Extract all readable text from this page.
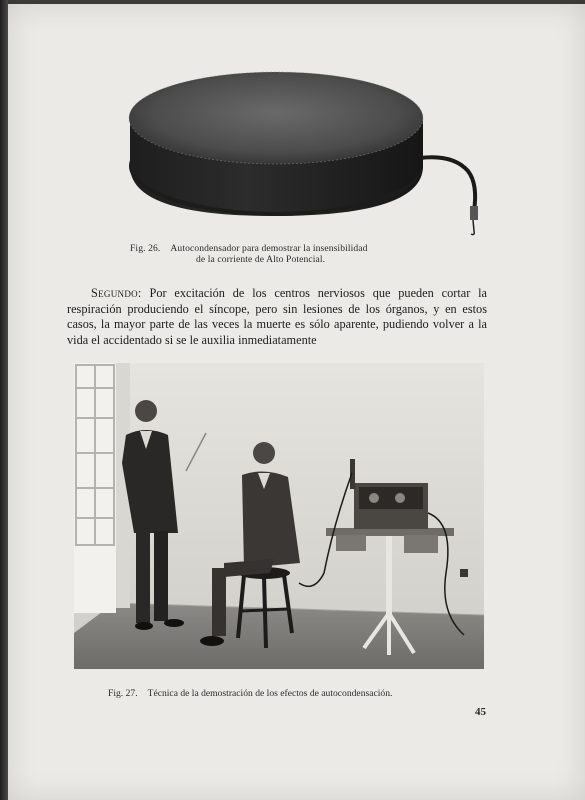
Fig. 26. Autocondensador para demostrar la insensibilidad
de la corriente de Alto Potencial.

Segundo: Por excitación de los centros nerviosos que pueden cortar la respiración produciendo el síncope, pero sin lesiones de los órganos, y en estos casos, la mayor parte de las veces la muerte es sólo aparente, pudiendo volver a la vida el accidentado si se le auxilia inmediatamente

Fig. 27. Técnica de la demostración de los efectos de autocondensación.
45
